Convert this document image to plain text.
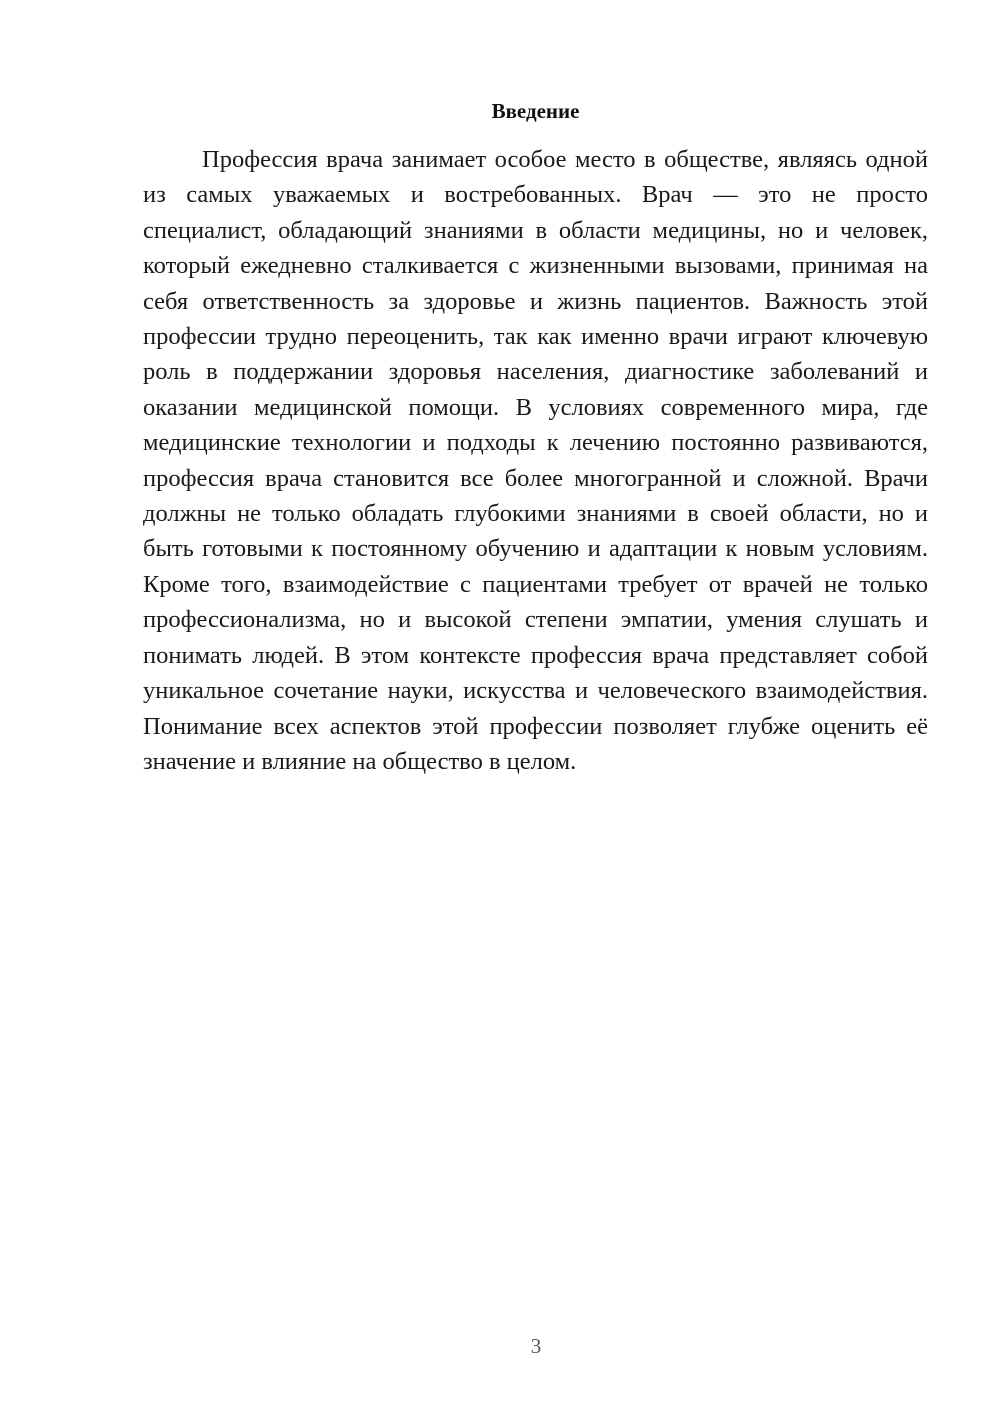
Введение

Профессия врача занимает особое место в обществе, являясь одной из самых уважаемых и востребованных. Врач — это не просто специалист, обладающий знаниями в области медицины, но и человек, который ежедневно сталкивается с жизненными вызовами, принимая на себя ответственность за здоровье и жизнь пациентов. Важность этой профессии трудно переоценить, так как именно врачи играют ключевую роль в поддержании здоровья населения, диагностике заболеваний и оказании медицинской помощи. В условиях современного мира, где медицинские технологии и подходы к лечению постоянно развиваются, профессия врача становится все более многогранной и сложной. Врачи должны не только обладать глубокими знаниями в своей области, но и быть готовыми к постоянному обучению и адаптации к новым условиям. Кроме того, взаимодействие с пациентами требует от врачей не только профессионализма, но и высокой степени эмпатии, умения слушать и понимать людей. В этом контексте профессия врача представляет собой уникальное сочетание науки, искусства и человеческого взаимодействия. Понимание всех аспектов этой профессии позволяет глубже оценить её значение и влияние на общество в целом.

3
